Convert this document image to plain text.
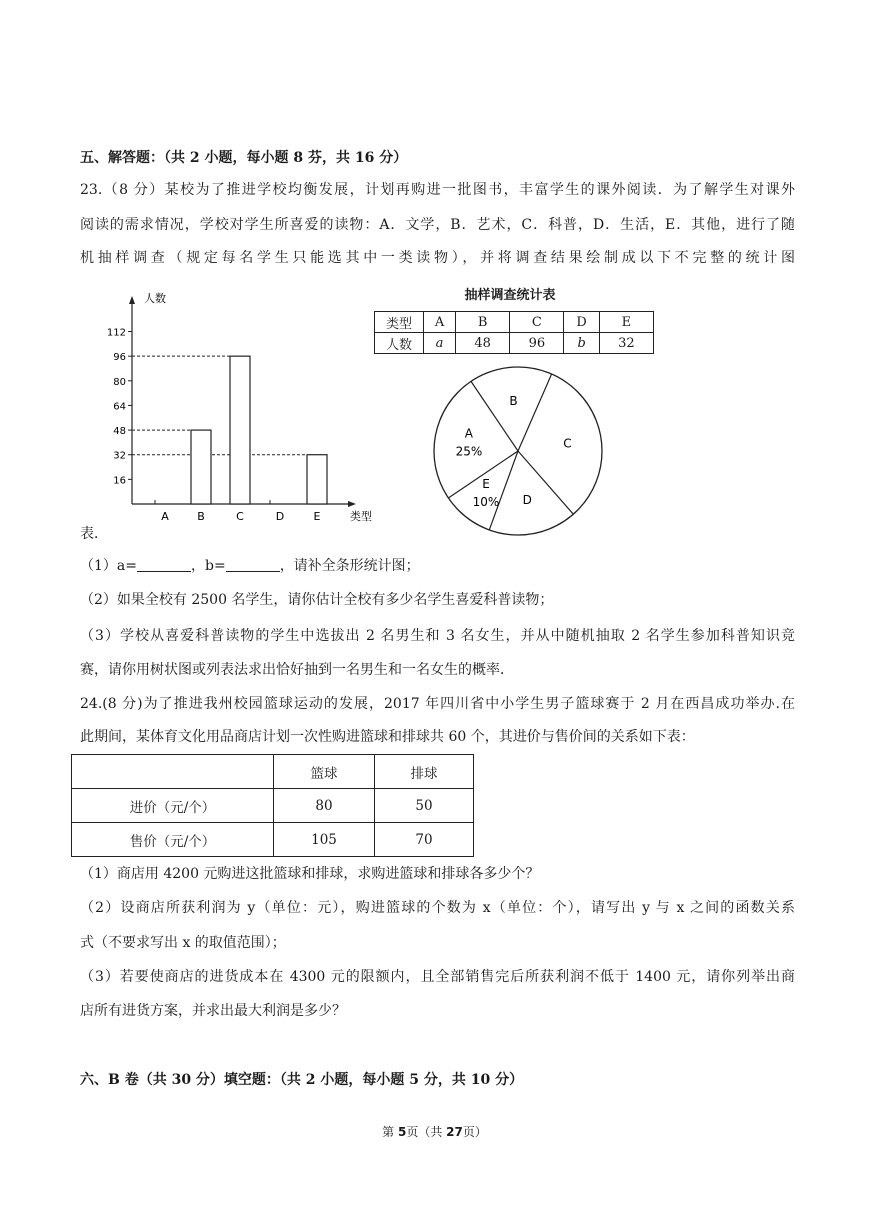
五、解答题：（共 2 小题，每小题 8 芬，共 16 分）
23.（8 分）某校为了推进学校均衡发展，计划再购进一批图书，丰富学生的课外阅读．为了解学生对课外
阅读的需求情况，学校对学生所喜爱的读物：A．文学，B．艺术，C．科普，D．生活，E．其他，进行了随
机抽样调查（规定每名学生只能选其中一类读物），并将调查结果绘制成以下不完整的统计图
16
32
48
64
80
96
112
A	B	C	D	E
人数
类型
抽样调查统计表
类型	A	B	C	D	E
人数	a	48	96	b	32
E
10%
A
25%
B
C
D
表．
（1）a=	，b=	，请补全条形统计图；
（2）如果全校有 2500 名学生，请你估计全校有多少名学生喜爱科普读物；
（3）学校从喜爱科普读物的学生中选拔出 2 名男生和 3 名女生，并从中随机抽取 2 名学生参加科普知识竞
赛，请你用树状图或列表法求出恰好抽到一名男生和一名女生的概率．
24.(8 分)为了推进我州校园篮球运动的发展，2017 年四川省中小学生男子篮球赛于 2 月在西昌成功举办.在
此期间，某体育文化用品商店计划一次性购进篮球和排球共 60 个，其进价与售价间的关系如下表：
	篮球	排球
进价（元/个）	80	50
售价（元/个）	105	70
（1）商店用 4200 元购进这批篮球和排球，求购进篮球和排球各多少个？
（2）设商店所获利润为 y（单位：元），购进篮球的个数为 x（单位：个），请写出 y 与 x 之间的函数关系
式（不要求写出 x 的取值范围）；
（3）若要使商店的进货成本在 4300 元的限额内，且全部销售完后所获利润不低于 1400 元，请你列举出商
店所有进货方案，并求出最大利润是多少？
六、B 卷（共 30 分）填空题：（共 2 小题，每小题 5 分，共 10 分）
第 5页（共 27页）
